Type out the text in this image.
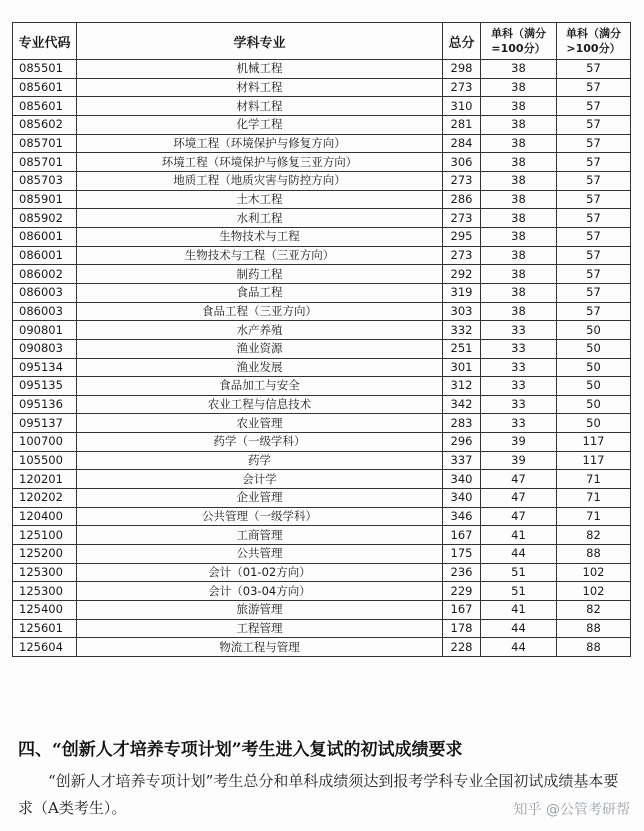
专业代码	学科专业	总分	单科（满分=100分）	单科（满分>100分）
085501	机械工程	298	38	57
085601	材料工程	273	38	57
085601	材料工程	310	38	57
085602	化学工程	281	38	57
085701	环境工程（环境保护与修复方向）	284	38	57
085701	环境工程（环境保护与修复三亚方向）	306	38	57
085703	地质工程（地质灾害与防控方向）	273	38	57
085901	土木工程	286	38	57
085902	水利工程	273	38	57
086001	生物技术与工程	295	38	57
086001	生物技术与工程（三亚方向）	273	38	57
086002	制药工程	292	38	57
086003	食品工程	319	38	57
086003	食品工程（三亚方向）	303	38	57
090801	水产养殖	332	33	50
090803	渔业资源	251	33	50
095134	渔业发展	301	33	50
095135	食品加工与安全	312	33	50
095136	农业工程与信息技术	342	33	50
095137	农业管理	283	33	50
100700	药学（一级学科）	296	39	117
105500	药学	337	39	117
120201	会计学	340	47	71
120202	企业管理	340	47	71
120400	公共管理（一级学科）	346	47	71
125100	工商管理	167	41	82
125200	公共管理	175	44	88
125300	会计（01-02方向）	236	51	102
125300	会计（03-04方向）	229	51	102
125400	旅游管理	167	41	82
125601	工程管理	178	44	88
125604	物流工程与管理	228	44	88
四、“创新人才培养专项计划”考生进入复试的初试成绩要求
“创新人才培养专项计划”考生总分和单科成绩须达到报考学科专业全国初试成绩基本要求（A类考生）。	知乎 @公管考研帮
